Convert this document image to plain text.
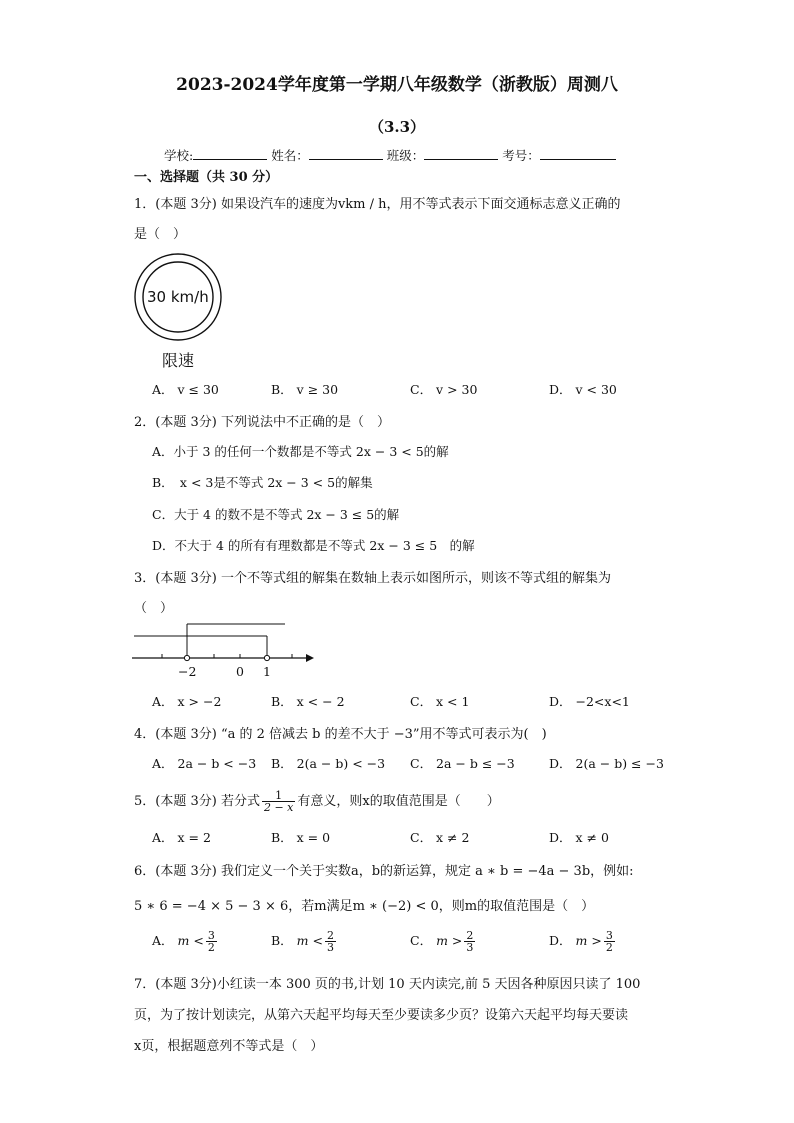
2023-2024学年度第一学期八年级数学（浙教版）周测八
（3.3）
学校:	姓名：	班级：	考号：
一、选择题（共 30 分）
1．(本题 3分) 如果设汽车的速度为vkm / h，用不等式表示下面交通标志意义正确的
是（　）
30 km/h
限速
A． v ≤ 30	B． v ≥ 30	C． v > 30	D． v < 30
2．(本题 3分) 下列说法中不正确的是（　）
A．小于 3 的任何一个数都是不等式 2x − 3 < 5的解
B．　x < 3是不等式 2x − 3 < 5的解集
C．大于 4 的数不是不等式 2x − 3 ≤ 5的解
D．不大于 4 的所有有理数都是不等式 2x − 3 ≤ 5　的解
3．(本题 3分) 一个不等式组的解集在数轴上表示如图所示，则该不等式组的解集为
（　）
−2	0 1
A． x > −2	B． x < − 2	C． x < 1	D． −2<x<1
4．(本题 3分) “a 的 2 倍减去 b 的差不大于 −3”用不等式可表示为(　)
A． 2a − b < −3 B． 2(a − b) < −3 C． 2a − b ≤ −3	D． 2(a − b) ≤ −3
5．(本题 3分) 若分式 $\frac{1}{2 - x}$ 有意义，则x的取值范围是（　　）
A． x = 2	B． x = 0	C． x ≠ 2	D． x ≠ 0
6．(本题 3分) 我们定义一个关于实数a，b的新运算，规定 a ∗ b = −4a − 3b，例如:
5 ∗ 6 = −4 × 5 − 3 × 6，若m满足m ∗ (−2) < 0，则m的取值范围是（　）
A． $m < \frac{3}{2}$	B． $m < \frac{2}{3}$	C． $m > \frac{2}{3}$	D． $m > \frac{3}{2}$
7．(本题 3分)小红读一本 300 页的书,计划 10 天内读完,前 5 天因各种原因只读了 100
页，为了按计划读完，从第六天起平均每天至少要读多少页？设第六天起平均每天要读
x页，根据题意列不等式是（　）
